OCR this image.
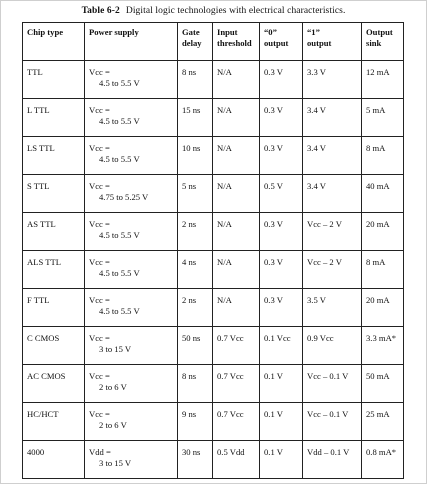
Table 6-2 Digital logic technologies with electrical characteristics.
Chip type	Power supply	Gate
delay	Input
threshold	“0”
output	“1”
output	Output
sink

TTL	Vcc =
4.5 to 5.5 V	8 ns	N/A	0.3 V	3.3 V	12 mA
L TTL	Vcc =
4.5 to 5.5 V	15 ns	N/A	0.3 V	3.4 V	5 mA
LS TTL	Vcc =
4.5 to 5.5 V	10 ns	N/A	0.3 V	3.4 V	8 mA
S TTL	Vcc =
4.75 to 5.25 V	5 ns	N/A	0.5 V	3.4 V	40 mA
AS TTL	Vcc =
4.5 to 5.5 V	2 ns	N/A	0.3 V	Vcc – 2 V	20 mA
ALS TTL	Vcc =
4.5 to 5.5 V	4 ns	N/A	0.3 V	Vcc – 2 V	8 mA
F TTL	Vcc =
4.5 to 5.5 V	2 ns	N/A	0.3 V	3.5 V	20 mA
C CMOS	Vcc =
3 to 15 V	50 ns	0.7 Vcc	0.1 Vcc	0.9 Vcc	3.3 mA*
AC CMOS	Vcc =
2 to 6 V	8 ns	0.7 Vcc	0.1 V	Vcc – 0.1 V	50 mA
HC/HCT	Vcc =
2 to 6 V	9 ns	0.7 Vcc	0.1 V	Vcc – 0.1 V	25 mA
4000	Vdd =
3 to 15 V	30 ns	0.5 Vdd	0.1 V	Vdd – 0.1 V	0.8 mA*
